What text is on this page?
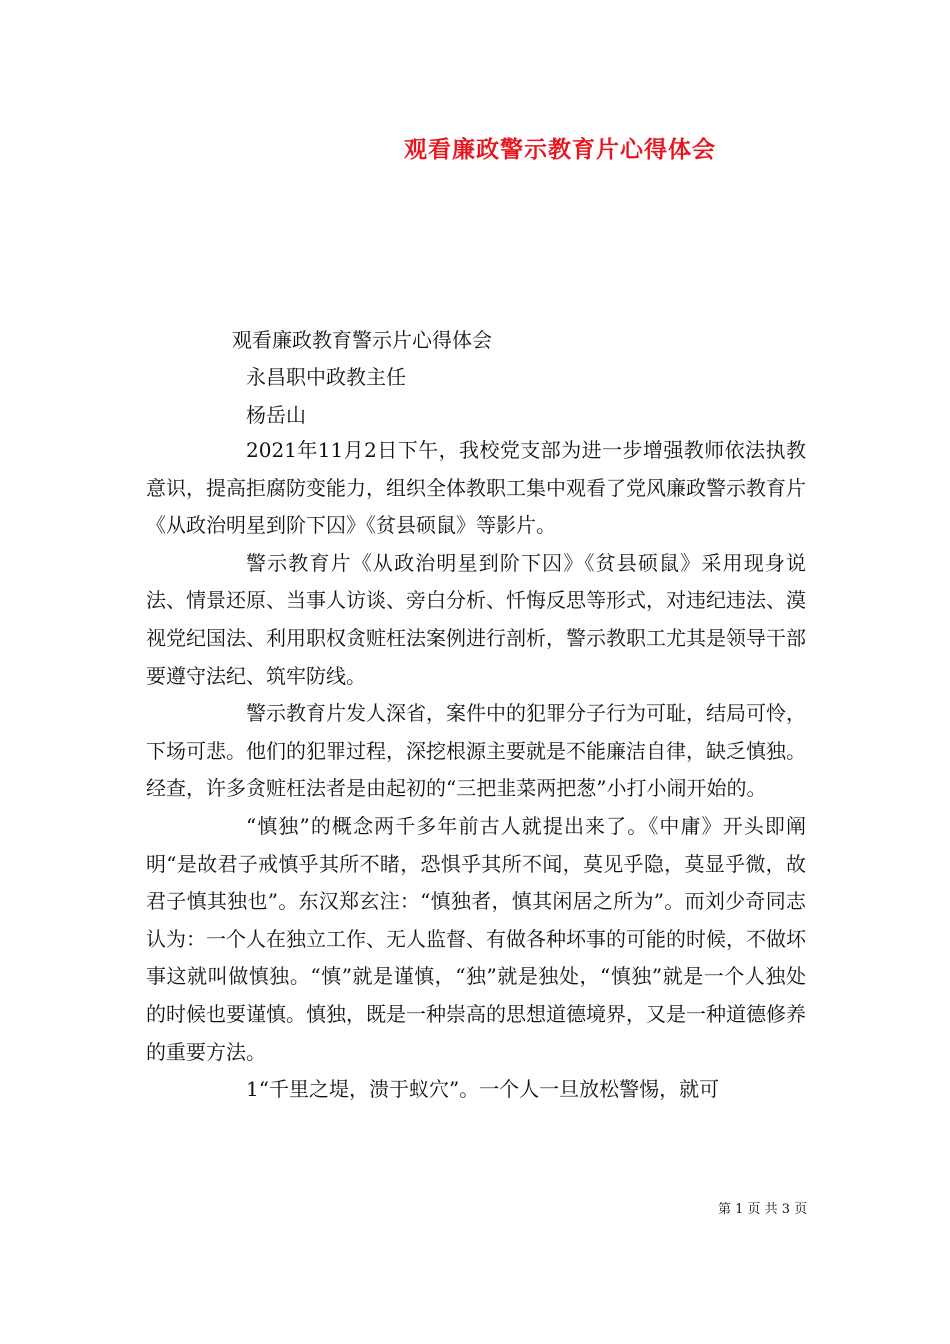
观看廉政警示教育片心得体会
观看廉政教育警示片心得体会
永昌职中政教主任
杨岳山

2021年11月2日下午，我校党支部为进一步增强教师依法执教意识，提高拒腐防变能力，组织全体教职工集中观看了党风廉政警示教育片《从政治明星到阶下囚》《贫县硕鼠》等影片。

警示教育片《从政治明星到阶下囚》《贫县硕鼠》采用现身说法、情景还原、当事人访谈、旁白分析、忏悔反思等形式，对违纪违法、漠视党纪国法、利用职权贪赃枉法案例进行剖析，警示教职工尤其是领导干部要遵守法纪、筑牢防线。

警示教育片发人深省，案件中的犯罪分子行为可耻，结局可怜，下场可悲。他们的犯罪过程，深挖根源主要就是不能廉洁自律，缺乏慎独。经查，许多贪赃枉法者是由起初的“三把韭菜两把葱”小打小闹开始的。

“慎独”的概念两千多年前古人就提出来了。《中庸》开头即阐明“是故君子戒慎乎其所不睹，恐惧乎其所不闻，莫见乎隐，莫显乎微，故君子慎其独也”。东汉郑玄注：“慎独者，慎其闲居之所为”。而刘少奇同志认为：一个人在独立工作、无人监督、有做各种坏事的可能的时候，不做坏事这就叫做慎独。“慎”就是谨慎，“独”就是独处，“慎独”就是一个人独处的时候也要谨慎。慎独，既是一种崇高的思想道德境界，又是一种道德修养的重要方法。

1“千里之堤，溃于蚁穴”。一个人一旦放松警惕，就可

第 1 页 共 3 页
